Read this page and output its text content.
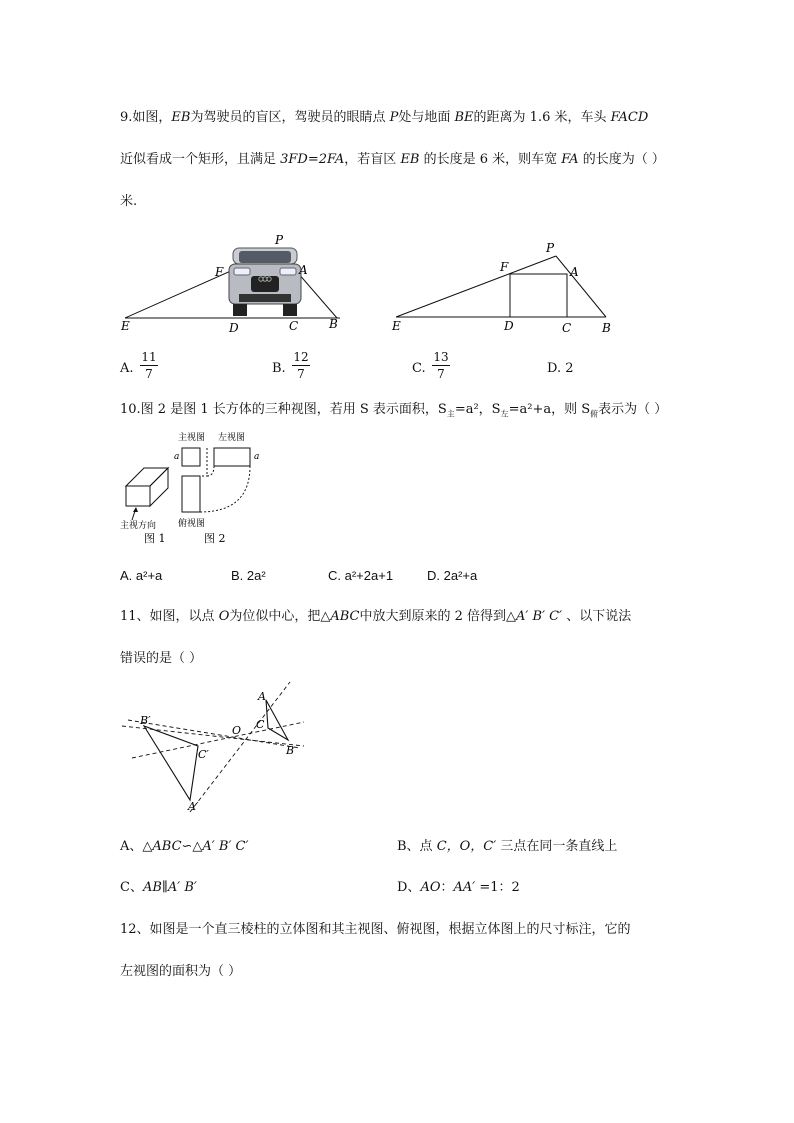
9.如图，EB为驾驶员的盲区，驾驶员的眼睛点 P处与地面 BE的距离为 1.6 米，车头 FACD
近似看成一个矩形，且满足 3FD=2FA，若盲区 EB 的长度是 6 米，则车宽 FA 的长度为（ ）
米.
P
F	A
E	D	C	B
P
F	A
E	D	C	B
A.
11
7	B.
12
7	C.
13
7	D. 2
10.图 2 是图 1 长方体的三种视图，若用 S 表示面积，$S_主=a^2$，$S_左=a^2+a$，则 $S_俯$表示为（ ）
主视方向
主视图 左视图
a	a
俯视图
图 1	图 2
A. a²+a	B. 2a²	C. a²+2a+1	D. 2a²+a
11、如图，以点 O为位似中心，把△ABC中放大到原来的 2 倍得到△A′ B′ C′ 、以下说法
错误的是（ ）
A
C
B
O
B′
C′
A′
A、△ABC∽△A′ B′ C′	B、点 C，O，C′ 三点在同一条直线上
C、AB∥A′ B′	D、AO：AA′ =1：2
12、如图是一个直三棱柱的立体图和其主视图、俯视图，根据立体图上的尺寸标注，它的
左视图的面积为（ ）
